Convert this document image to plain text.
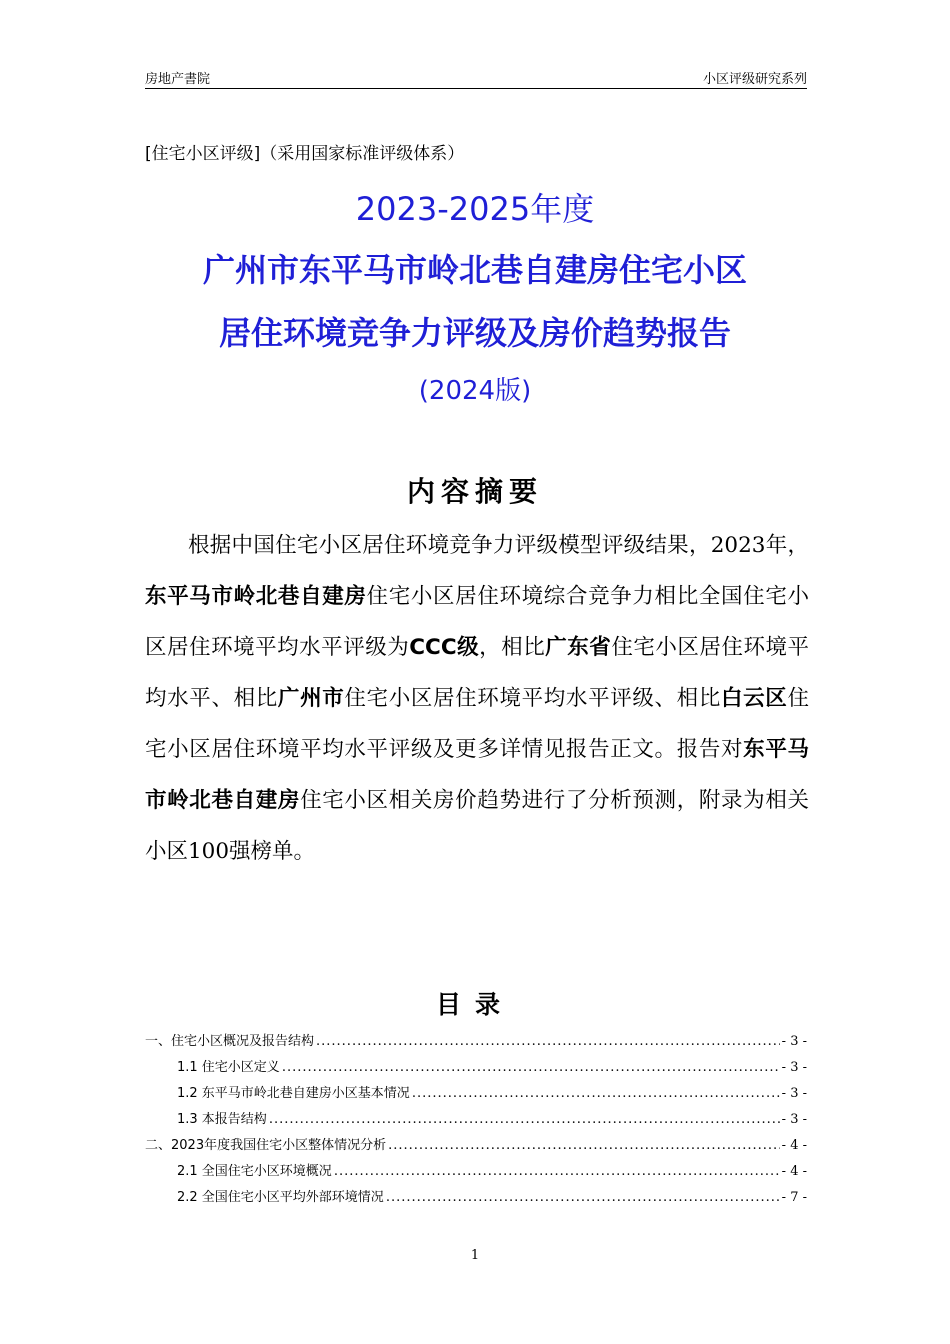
房地产書院	小区评级研究系列
[住宅小区评级]（采用国家标准评级体系）
2023-2025年度
广州市东平马市岭北巷自建房住宅小区
居住环境竞争力评级及房价趋势报告
(2024版)
内容摘要

根据中国住宅小区居住环境竞争力评级模型评级结果，2023年，东平马市岭北巷自建房住宅小区居住环境综合竞争力相比全国住宅小区居住环境平均水平评级为CCC级，相比广东省住宅小区居住环境平均水平、相比广州市住宅小区居住环境平均水平评级、相比白云区住宅小区居住环境平均水平评级及更多详情见报告正文。报告对东平马市岭北巷自建房住宅小区相关房价趋势进行了分析预测，附录为相关小区100强榜单。

目录
一、住宅小区概况及报告结构 .....	- 3 -
1.1 住宅小区定义 .....	- 3 -
1.2 东平马市岭北巷自建房小区基本情况 .....	- 3 -
1.3 本报告结构 .....	- 3 -
二、2023年度我国住宅小区整体情况分析 .....	- 4 -
2.1 全国住宅小区环境概况 .....	- 4 -
2.2 全国住宅小区平均外部环境情况 .....	- 7 -
1
